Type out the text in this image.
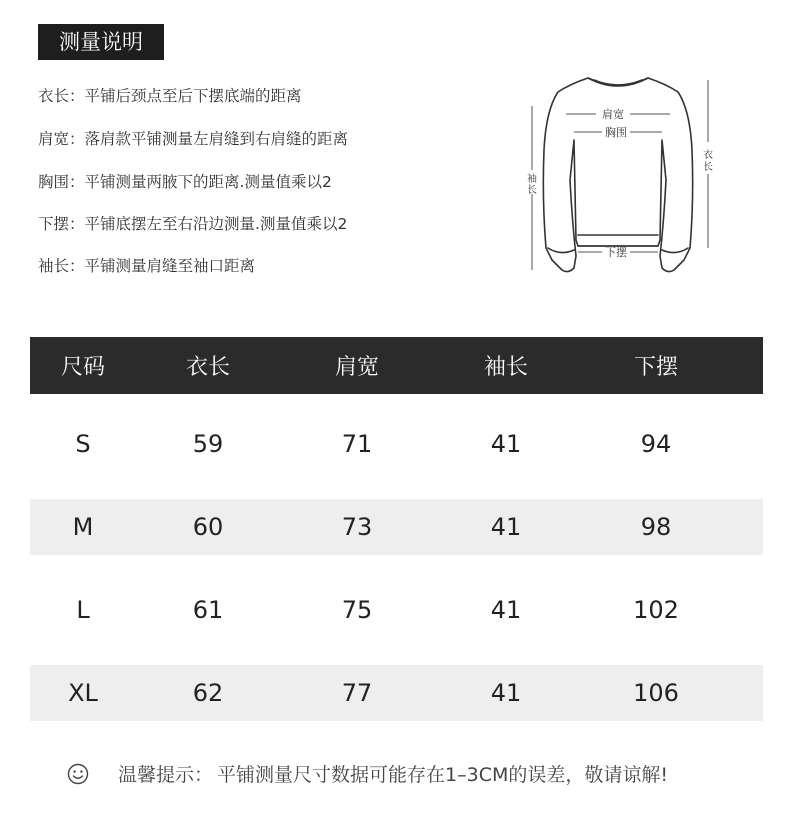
测量说明
衣长：平铺后颈点至后下摆底端的距离
肩宽：落肩款平铺测量左肩缝到右肩缝的距离
胸围：平铺测量两腋下的距离.测量值乘以2
下摆：平铺底摆左至右沿边测量.测量值乘以2
袖长：平铺测量肩缝至袖口距离
肩宽
胸围
下摆
袖
长
衣
长
尺码	衣长	肩宽	袖长	下摆
S	59	71	41	94
M	60	73	41	98
L	61	75	41	102
XL	62	77	41	106
温馨提示： 平铺测量尺寸数据可能存在1–3CM的误差，敬请谅解!
